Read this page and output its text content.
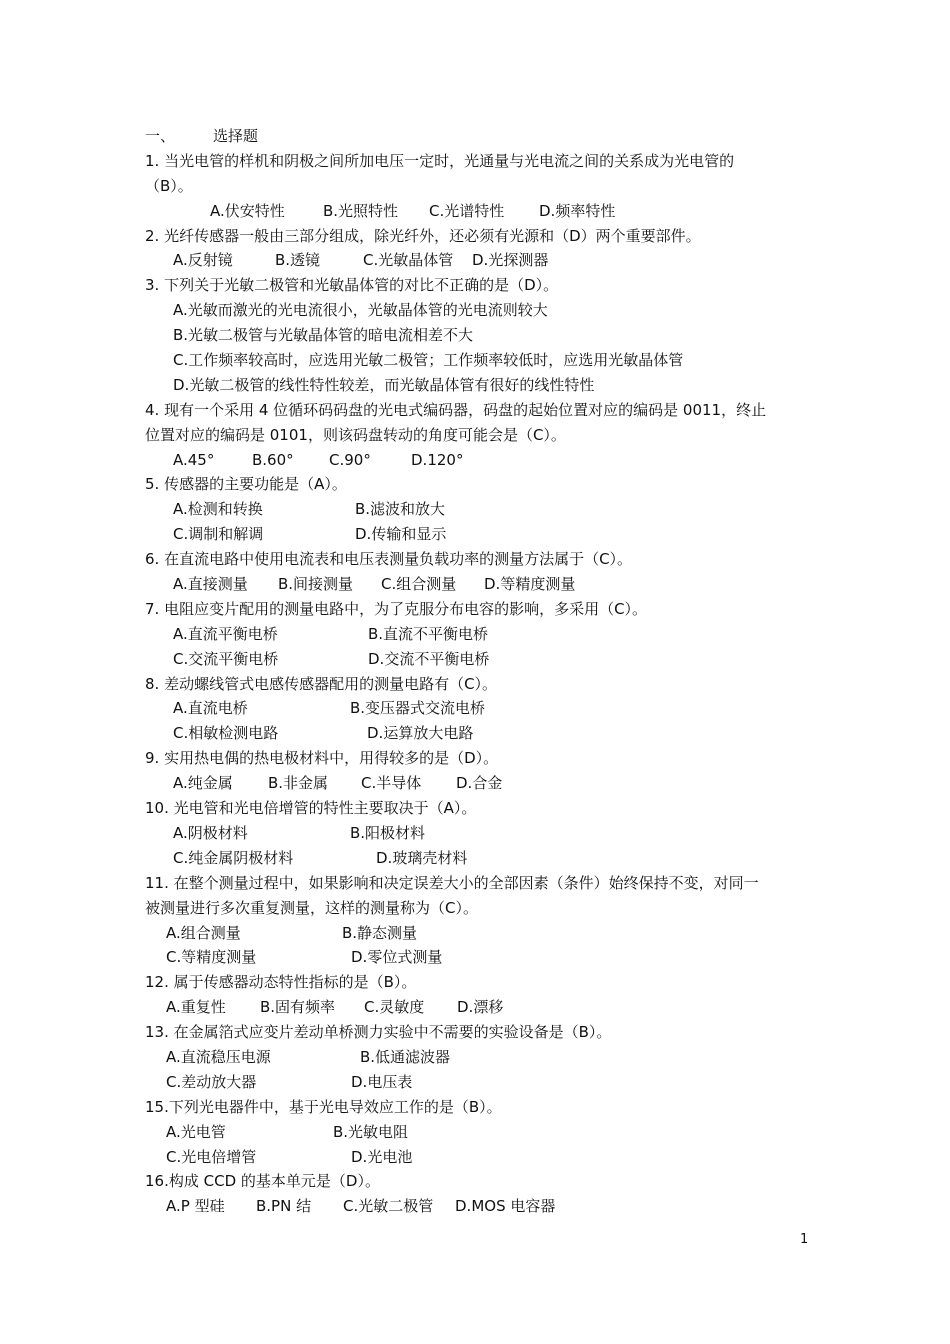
一、	选择题
1. 当光电管的样机和阴极之间所加电压一定时，光通量与光电流之间的关系成为光电管的
（B）。
A.伏安特性	B.光照特性 C.光谱特性 D.频率特性
2. 光纤传感器一般由三部分组成，除光纤外，还必须有光源和（D）两个重要部件。
A.反射镜	B.透镜	C.光敏晶体管 D.光探测器
3. 下列关于光敏二极管和光敏晶体管的对比不正确的是（D）。
A.光敏而激光的光电流很小，光敏晶体管的光电流则较大
B.光敏二极管与光敏晶体管的暗电流相差不大
C.工作频率较高时，应选用光敏二极管；工作频率较低时，应选用光敏晶体管
D.光敏二极管的线性特性较差，而光敏晶体管有很好的线性特性
4. 现有一个采用 4 位循环码码盘的光电式编码器，码盘的起始位置对应的编码是 0011，终止
位置对应的编码是 0101，则该码盘转动的角度可能会是（C）。
A.45°	B.60° C.90°	D.120°
5. 传感器的主要功能是（A）。
A.检测和转换	B.滤波和放大
C.调制和解调	D.传输和显示
6. 在直流电路中使用电流表和电压表测量负载功率的测量方法属于（C）。
A.直接测量 B.间接测量 C.组合测量 D.等精度测量
7. 电阻应变片配用的测量电路中，为了克服分布电容的影响，多采用（C）。
A.直流平衡电桥	B.直流不平衡电桥
C.交流平衡电桥	D.交流不平衡电桥
8. 差动螺线管式电感传感器配用的测量电路有（C）。
A.直流电桥	B.变压器式交流电桥
C.相敏检测电路	D.运算放大电路
9. 实用热电偶的热电极材料中，用得较多的是（D）。
A.纯金属 B.非金属 C.半导体 D.合金
10. 光电管和光电倍增管的特性主要取决于（A）。
A.阴极材料	B.阳极材料
C.纯金属阴极材料	D.玻璃壳材料
11. 在整个测量过程中，如果影响和决定误差大小的全部因素（条件）始终保持不变，对同一
被测量进行多次重复测量，这样的测量称为（C）。
A.组合测量	B.静态测量
C.等精度测量	D.零位式测量
12. 属于传感器动态特性指标的是（B）。
A.重复性 B.固有频率 C.灵敏度 D.漂移
13. 在金属箔式应变片差动单桥测力实验中不需要的实验设备是（B）。
A.直流稳压电源	B.低通滤波器
C.差动放大器	D.电压表
15.下列光电器件中，基于光电导效应工作的是（B）。
A.光电管	B.光敏电阻
C.光电倍增管	D.光电池
16.构成 CCD 的基本单元是（D）。
A.P 型硅 B.PN 结 C.光敏二极管 D.MOS 电容器
1
